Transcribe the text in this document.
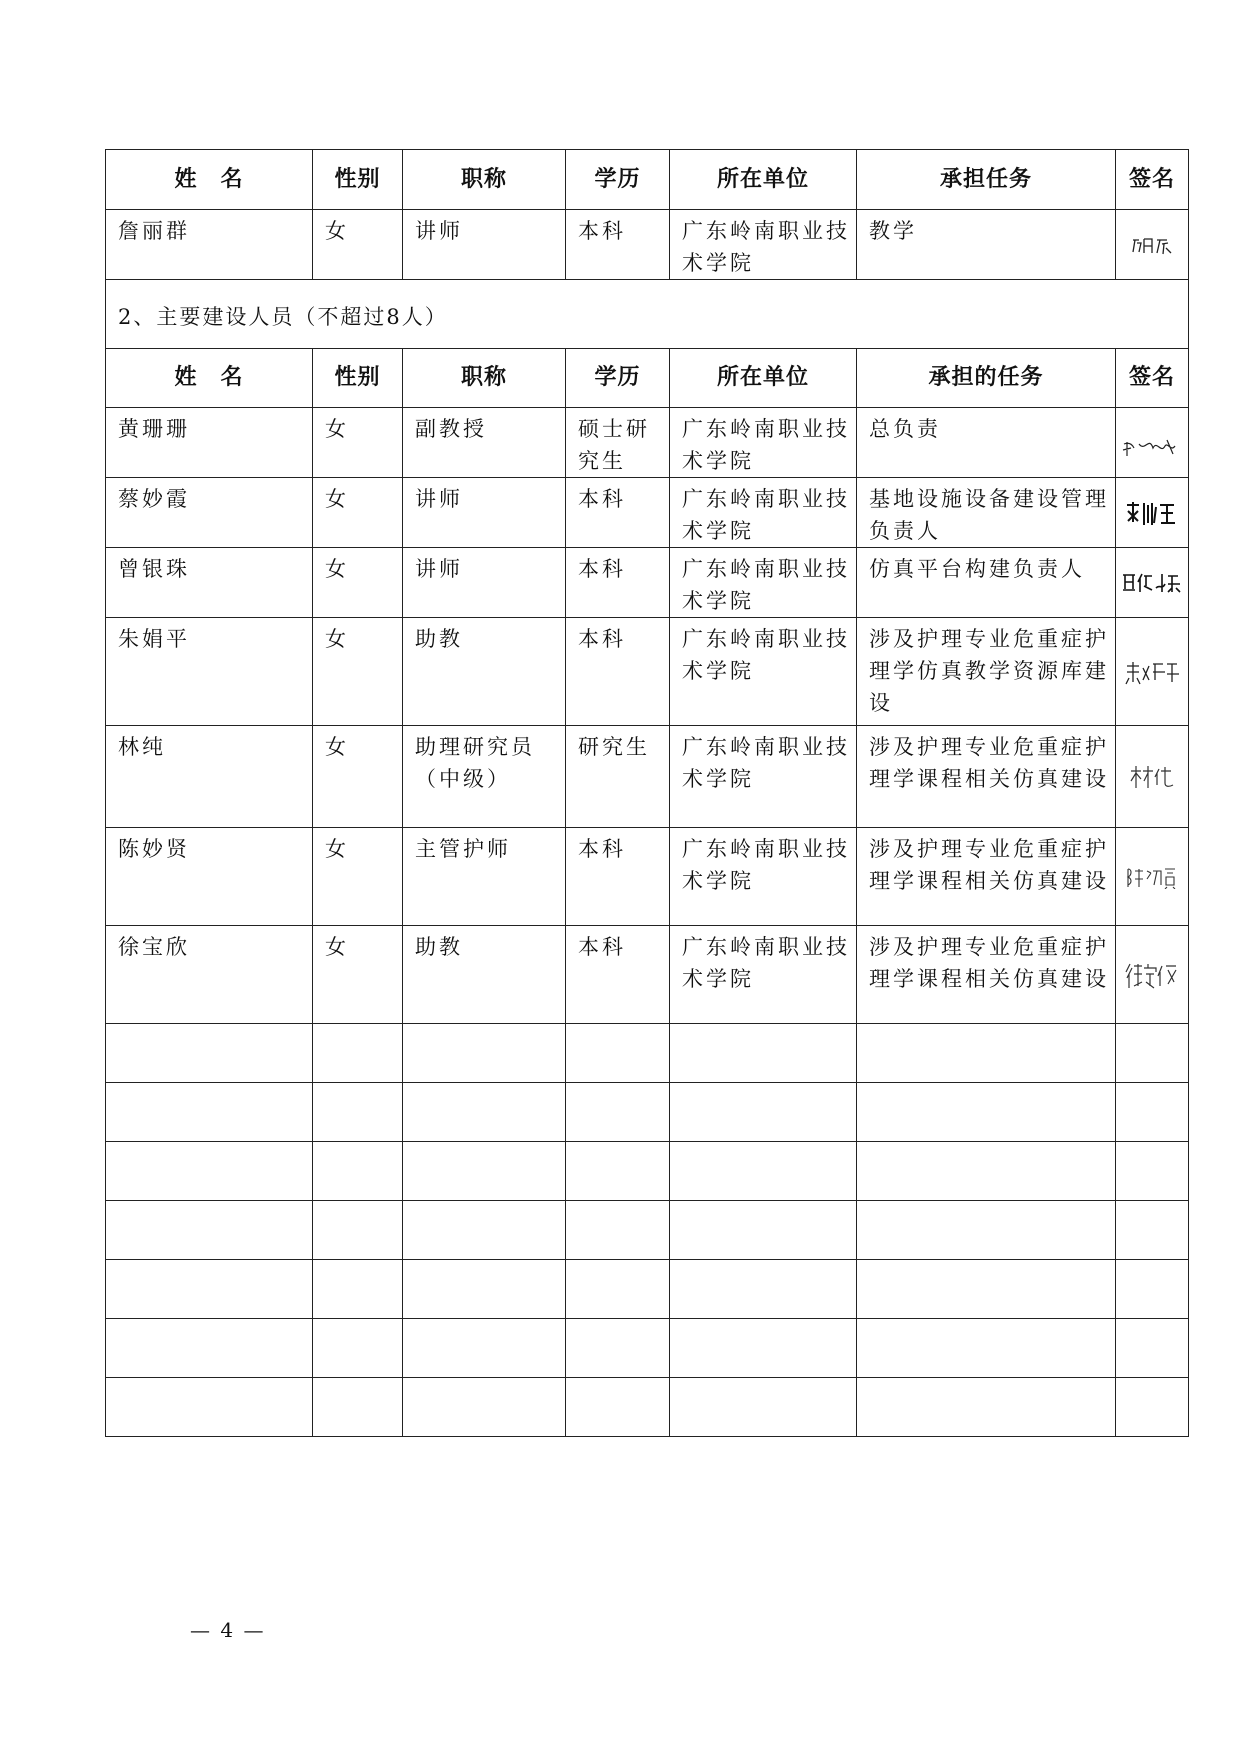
姓　名	性别	职称	学历	所在单位	承担任务	签名
詹丽群	女	讲师	本科	广东岭南职业技术学院	教学	

2、主要建设人员（不超过8人）						
姓　名	性别	职称	学历	所在单位	承担的任务	签名
黄珊珊	女	副教授	硕士研究生	广东岭南职业技术学院	总负责	

蔡妙霞	女	讲师	本科	广东岭南职业技术学院	基地设施设备建设管理负责人	

曾银珠	女	讲师	本科	广东岭南职业技术学院	仿真平台构建负责人	

朱娟平	女	助教	本科	广东岭南职业技术学院	涉及护理专业危重症护理学仿真教学资源库建设	

林纯	女	助理研究员（中级）	研究生	广东岭南职业技术学院	涉及护理专业危重症护理学课程相关仿真建设	

陈妙贤	女	主管护师	本科	广东岭南职业技术学院	涉及护理专业危重症护理学课程相关仿真建设	

徐宝欣	女	助教	本科	广东岭南职业技术学院	涉及护理专业危重症护理学课程相关仿真建设	

— 4 —
